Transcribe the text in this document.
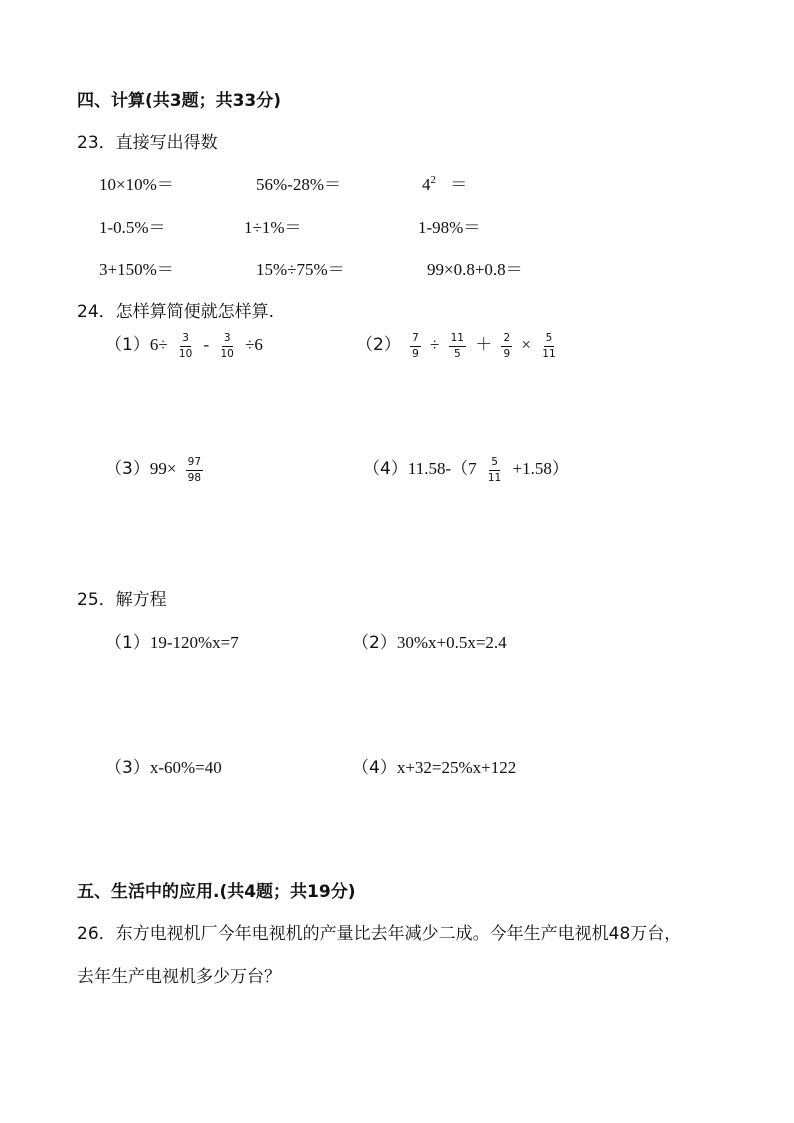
四、计算(共3题；共33分)
23．直接写出得数
10×10%＝	56%-28%＝	$4^2$ ＝
1-0.5%＝	1÷1%＝	1-98%＝
3+150%＝	15%÷75%＝	99×0.8+0.8＝
24．怎样算简便就怎样算.
$(1)6\div \frac{3}{10} - \frac{3}{10} \div 6$	$(2) \frac{7}{9} \div \frac{11}{5} + \frac{2}{9} \times \frac{5}{11}$
$(3)99\times \frac{97}{98}$	$(4)11.58-(7 \frac{5}{11} +1.58)$
25．解方程
（1）19-120%x=7	（2）30%x+0.5x=2.4
（3）x-60%=40	（4）x+32=25%x+122
五、生活中的应用.(共4题；共19分)
26．东方电视机厂今年电视机的产量比去年减少二成。今年生产电视机48万台，
去年生产电视机多少万台？
